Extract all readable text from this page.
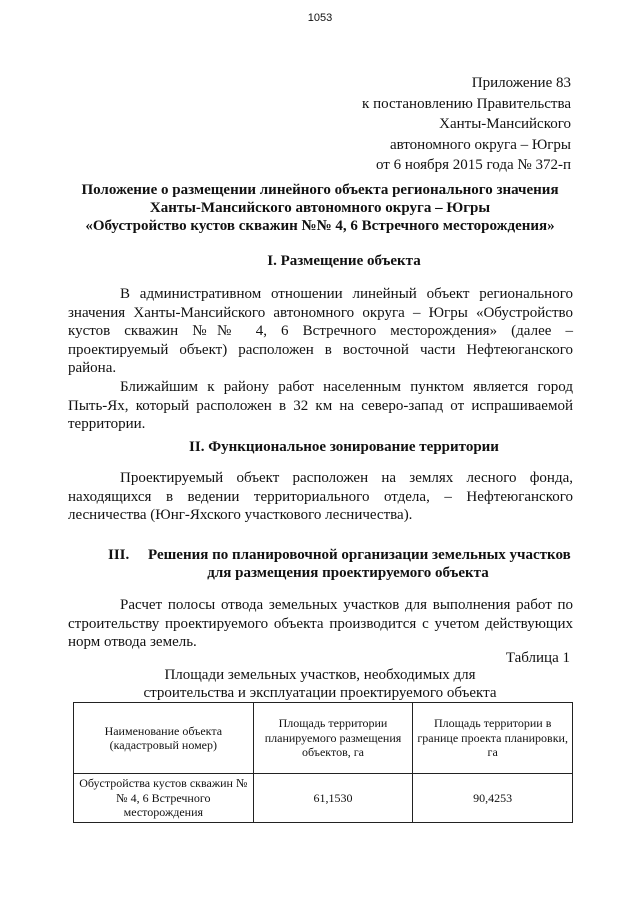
1053
Приложение 83
к постановлению Правительства
Ханты-Мансийского
автономного округа – Югры
от 6 ноября 2015 года № 372-п
Положение о размещении линейного объекта регионального значения
Ханты-Мансийского автономного округа – Югры
«Обустройство кустов скважин №№ 4, 6 Встречного месторождения»
I. Размещение объекта

В административном отношении линейный объект регионального значения Ханты-Мансийского автономного округа – Югры «Обустройство кустов скважин №№ 4, 6 Встречного месторождения» (далее – проектируемый объект) расположен в восточной части Нефтеюганского района.

Ближайшим к району работ населенным пунктом является город Пыть-Ях, который расположен в 32 км на северо-запад от испрашиваемой территории.

II. Функциональное зонирование территории

Проектируемый объект расположен на землях лесного фонда, находящихся в ведении территориального отдела, – Нефтеюганского лесничества (Юнг-Яхского участкового лесничества).

III. Решения по планировочной организации земельных участков
для размещения проектируемого объекта

Расчет полосы отвода земельных участков для выполнения работ по строительству проектируемого объекта производится с учетом действующих норм отвода земель.

Таблица 1
Площади земельных участков, необходимых для
строительства и эксплуатации проектируемого объекта
Наименование объекта (кадастровый номер)	Площадь территории планируемого размещения объектов, га	Площадь территории в границе проекта планировки, га
Обустройства кустов скважин №№ 4, 6 Встречного месторождения	61,1530	90,4253
